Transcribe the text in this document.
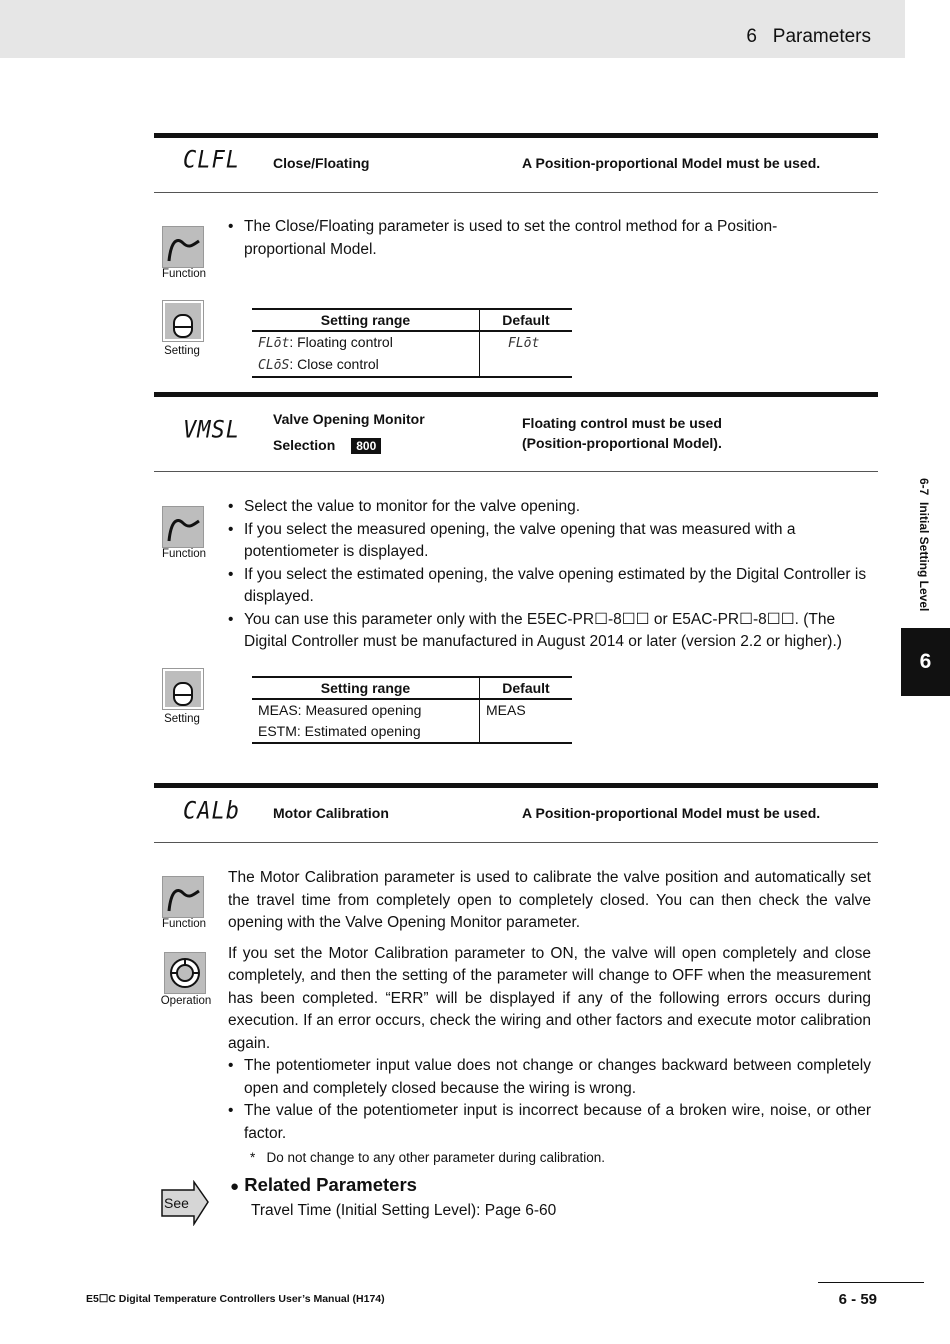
6   Parameters
6-7  Initial Setting Level
6
CLFL Close/Floating	A Position-proportional Model must be used.
Function
• The Close/Floating parameter is used to set the control method for a Position-proportional Model.
Setting
Setting range	Default
FLōt: Floating control	FLōt
CLōS: Close control	
VMSL Valve Opening Monitor
Selection 800
Floating control must be used
(Position-proportional Model).
Function
• Select the value to monitor for the valve opening.
• If you select the measured opening, the valve opening that was measured with a potentiometer is displayed.
• If you select the estimated opening, the valve opening estimated by the Digital Controller is displayed.
• You can use this parameter only with the E5EC-PR☐-8☐☐ or E5AC-PR☐-8☐☐. (The Digital Controller must be manufactured in August 2014 or later (version 2.2 or higher).)
Setting
Setting range	Default
MEAS: Measured opening	MEAS
ESTM: Estimated opening	
CALb Motor Calibration	A Position-proportional Model must be used.
Function
Operation
The Motor Calibration parameter is used to calibrate the valve position and automatically set the travel time from completely open to completely closed. You can then check the valve opening with the Valve Opening Monitor parameter.
If you set the Motor Calibration parameter to ON, the valve will open completely and close completely, and then the setting of the parameter will change to OFF when the measurement has been completed. “ERR” will be displayed if any of the following errors occurs during execution. If an error occurs, check the wiring and other factors and execute motor calibration again.
• The potentiometer input value does not change or changes backward between completely open and completely closed because the wiring is wrong.
• The value of the potentiometer input is incorrect because of a broken wire, noise, or other factor.
* Do not change to any other parameter during calibration.
See
● Related Parameters
Travel Time (Initial Setting Level): Page 6-60
E5☐C Digital Temperature Controllers User’s Manual (H174)	6 - 59
